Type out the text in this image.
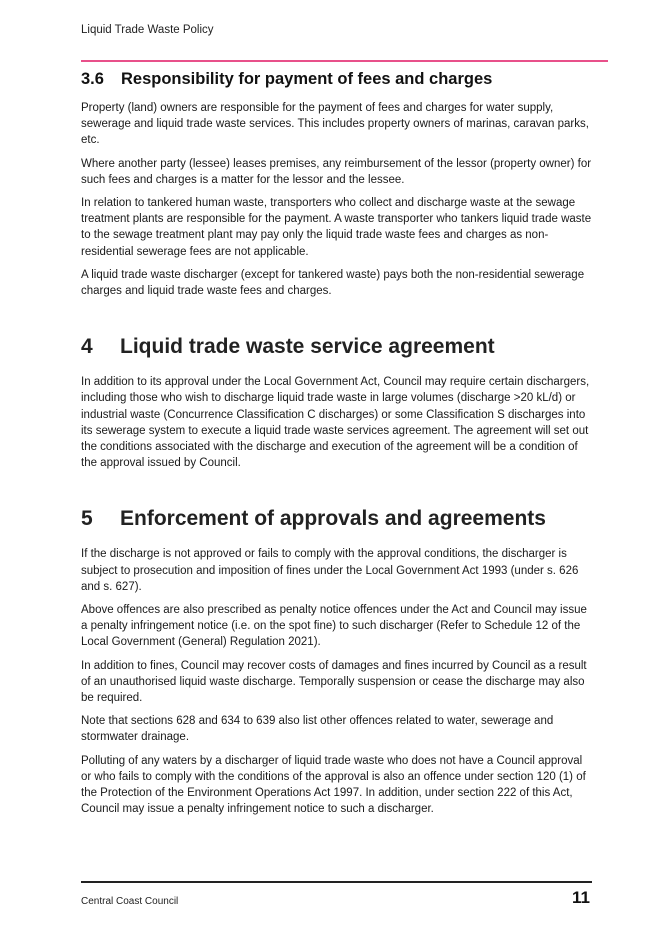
Liquid Trade Waste Policy
3.6	Responsibility for payment of fees and charges

Property (land) owners are responsible for the payment of fees and charges for water supply, sewerage and liquid trade waste services. This includes property owners of marinas, caravan parks, etc.

Where another party (lessee) leases premises, any reimbursement of the lessor (property owner) for such fees and charges is a matter for the lessor and the lessee.

In relation to tankered human waste, transporters who collect and discharge waste at the sewage treatment plants are responsible for the payment. A waste transporter who tankers liquid trade waste to the sewage treatment plant may pay only the liquid trade waste fees and charges as non-residential sewerage fees are not applicable.

A liquid trade waste discharger (except for tankered waste) pays both the non-residential sewerage charges and liquid trade waste fees and charges.

4	Liquid trade waste service agreement

In addition to its approval under the Local Government Act, Council may require certain dischargers, including those who wish to discharge liquid trade waste in large volumes (discharge >20 kL/d) or industrial waste (Concurrence Classification C discharges) or some Classification S discharges into its sewerage system to execute a liquid trade waste services agreement. The agreement will set out the conditions associated with the discharge and execution of the agreement will be a condition of the approval issued by Council.

5	Enforcement of approvals and agreements

If the discharge is not approved or fails to comply with the approval conditions, the discharger is subject to prosecution and imposition of fines under the Local Government Act 1993 (under s. 626 and s. 627).

Above offences are also prescribed as penalty notice offences under the Act and Council may issue a penalty infringement notice (i.e. on the spot fine) to such discharger (Refer to Schedule 12 of the Local Government (General) Regulation 2021).

In addition to fines, Council may recover costs of damages and fines incurred by Council as a result of an unauthorised liquid waste discharge. Temporally suspension or cease the discharge may also be required.

Note that sections 628 and 634 to 639 also list other offences related to water, sewerage and stormwater drainage.

Polluting of any waters by a discharger of liquid trade waste who does not have a Council approval or who fails to comply with the conditions of the approval is also an offence under section 120 (1) of the Protection of the Environment Operations Act 1997. In addition, under section 222 of this Act, Council may issue a penalty infringement notice to such a discharger.

Central Coast Council	11
